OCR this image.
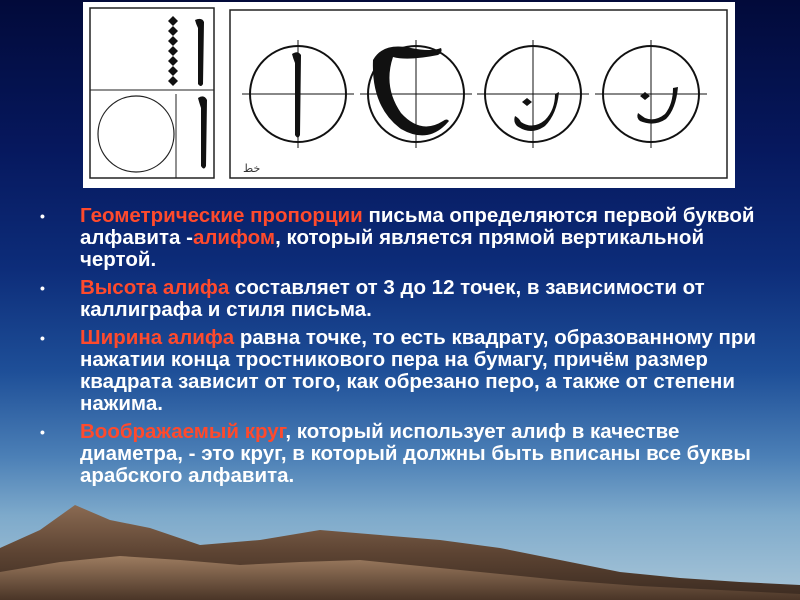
خط
• Геометрические пропорции письма определяются первой буквой алфавита -алифом, который является прямой вертикальной чертой.
• Высота алифа составляет от 3 до 12 точек, в зависимости от каллиграфа и стиля письма.
• Ширина алифа равна точке, то есть квадрату, образованному при нажатии конца тростникового пера на бумагу, причём размер квадрата зависит от того, как обрезано перо, а также от степени нажима.
• Воображаемый круг, который использует алиф в качестве диаметра, - это круг, в который должны быть вписаны все буквы арабского алфавита.
